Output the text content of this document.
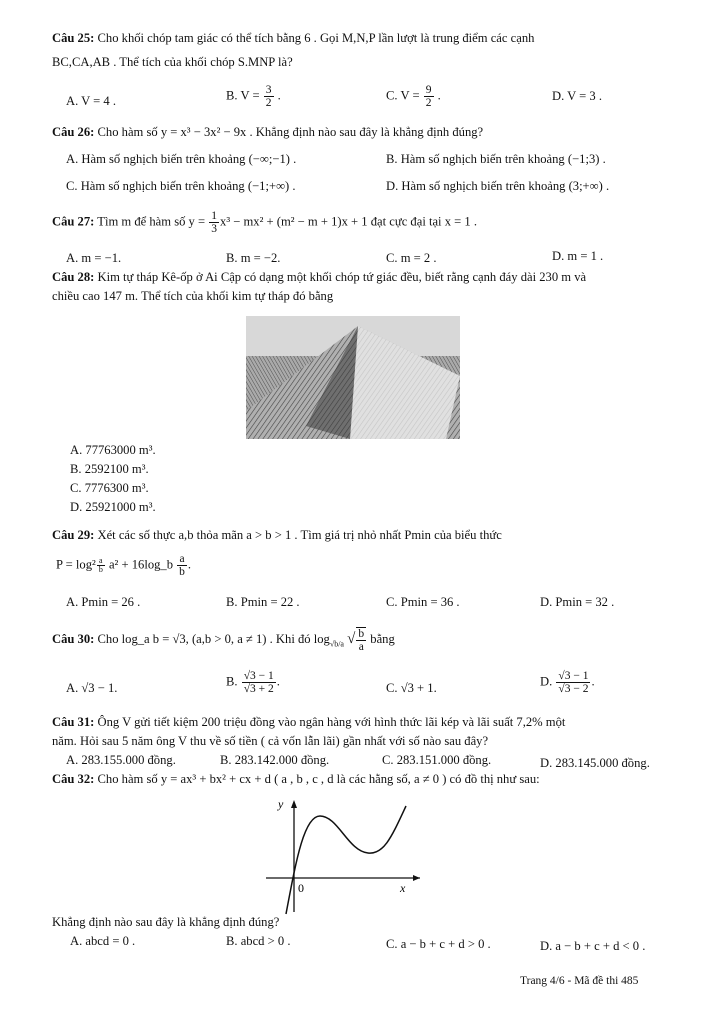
Câu 25: Cho khối chóp tam giác có thể tích bằng 6 . Gọi M,N,P lần lượt là trung điểm các cạnh
BC,CA,AB . Thể tích của khối chóp S.MNP là?
A. V = 4 .	B. $V = \frac{3}{2}$ .	C. $V = \frac{9}{2}$ .	D. V = 3 .
Câu 26: Cho hàm số y = x³ − 3x² − 9x . Khẳng định nào sau đây là khẳng định đúng?
A. Hàm số nghịch biến trên khoảng (−∞;−1) .	B. Hàm số nghịch biến trên khoảng (−1;3) .
C. Hàm số nghịch biến trên khoảng (−1;+∞) .	D. Hàm số nghịch biến trên khoảng (3;+∞) .
Câu 27: Tìm m để hàm số $y = \frac{1}{3} x^3 - mx^2 + (m^2 - m + 1)x + 1$ đạt cực đại tại x = 1 .
A. m = −1.	B. m = −2.	C. m = 2 .	D. m = 1 .
Câu 28: Kim tự tháp Kê-ốp ở Ai Cập có dạng một khối chóp tứ giác đều, biết rằng cạnh đáy dài 230 m và
chiều cao 147 m. Thể tích của khối kim tự tháp đó bằng
A. 77763000 m³.
B. 2592100 m³.
C. 7776300 m³.
D. 25921000 m³.
Câu 29: Xét các số thực a,b thỏa mãn a > b > 1 . Tìm giá trị nhỏ nhất Pmin của biểu thức
$P = \log^2 \frac{a}{b} a^2$ + 16log_b $\frac{a}{b}$ .
A. Pmin = 26 .	B. Pmin = 22 .	C. Pmin = 36 .	D. Pmin = 32 .
Câu 30: Cho log_a b = √3, (a,b > 0, a ≠ 1) . Khi đó $\log_{√b/a}$ √ $\frac{b}{a}$ bằng
A. √3 − 1.	B. $\frac{√3 - 1}{√3 + 2}$ .	C. √3 + 1.	D. $\frac{√3 - 1}{√3 - 2}$ .
Câu 31: Ông V gửi tiết kiệm 200 triệu đồng vào ngân hàng với hình thức lãi kép và lãi suất 7,2% một
năm. Hỏi sau 5 năm ông V thu về số tiền ( cả vốn lẫn lãi) gần nhất với số nào sau đây?
A. 283.155.000 đồng.	B. 283.142.000 đồng.	C. 283.151.000 đồng.	D. 283.145.000 đồng.
Câu 32: Cho hàm số y = ax³ + bx² + cx + d ( a , b , c , d là các hằng số, a ≠ 0 ) có đồ thị như sau:
y
0	x
Khẳng định nào sau đây là khẳng định đúng?
A. abcd = 0 .	B. abcd > 0 .	C. a − b + c + d > 0 .	D. a − b + c + d < 0 .
Trang 4/6 - Mã đề thi 485
